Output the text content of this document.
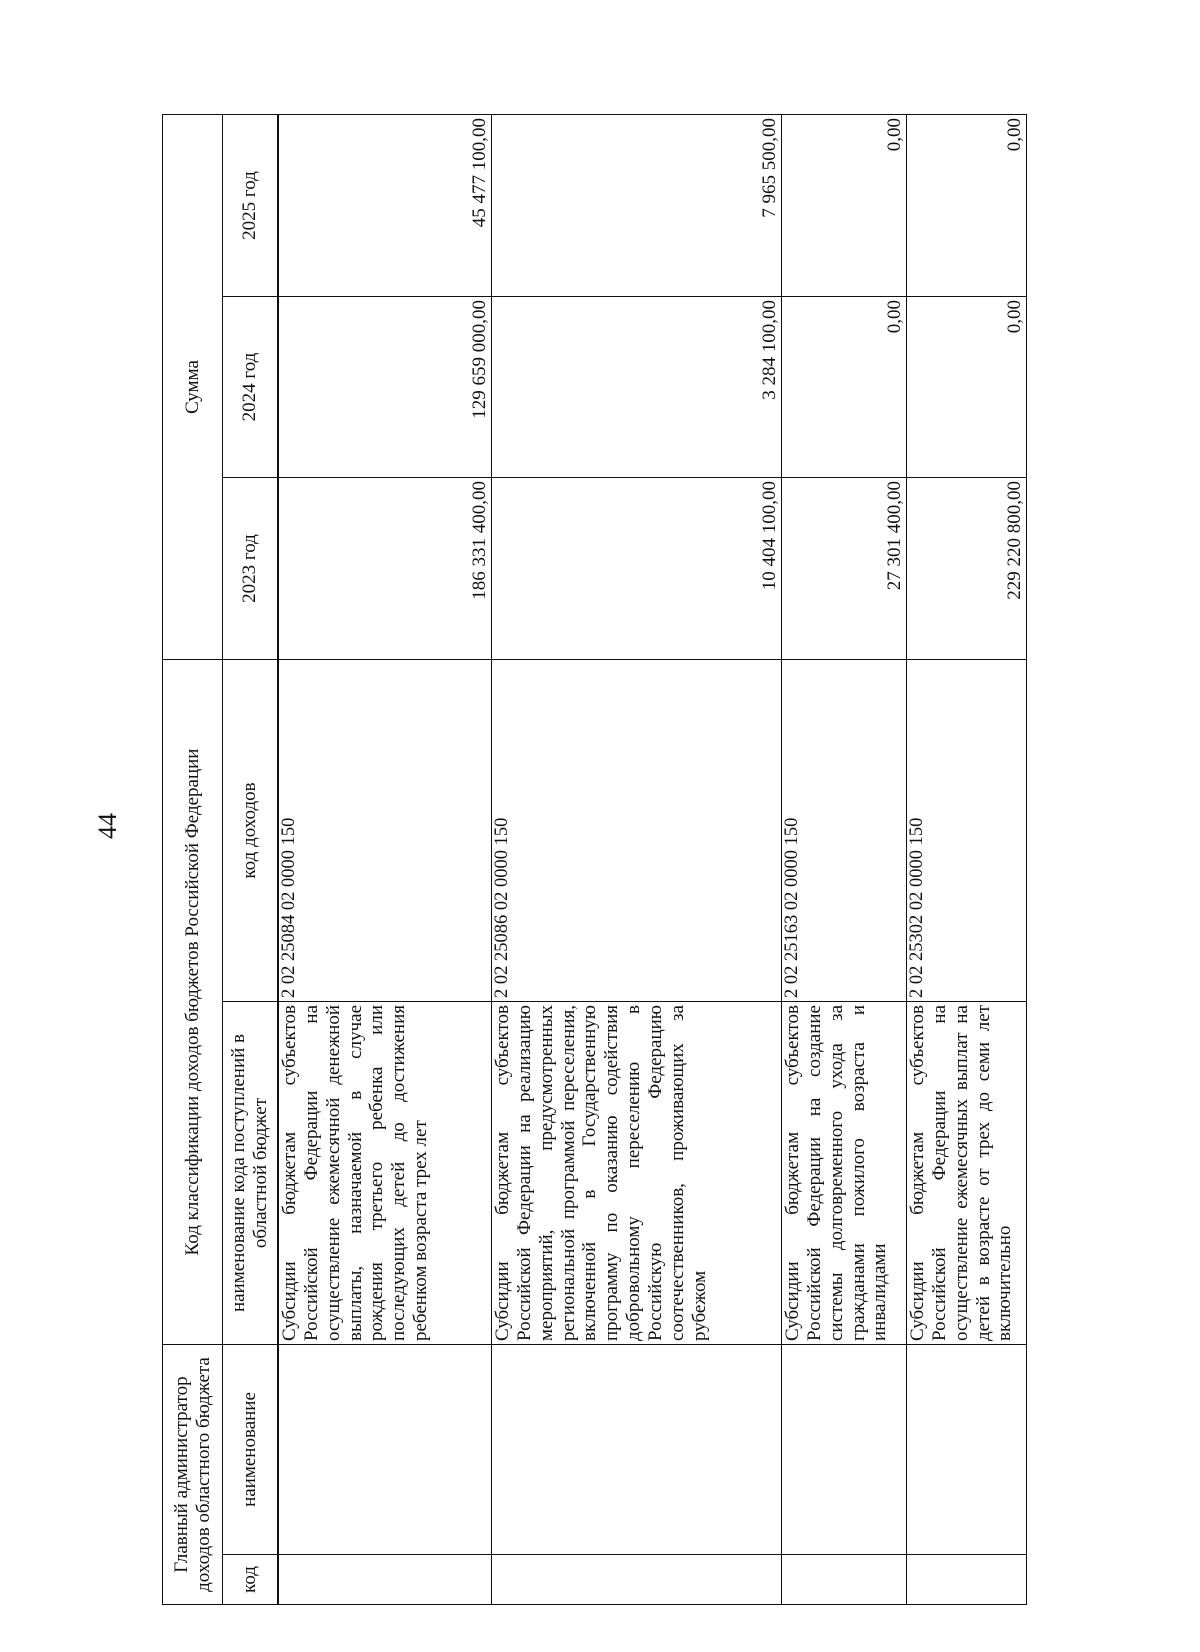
44
Главный администратор доходов областного бюджета		Код классификации доходов бюджетов Российской Федерации		Сумма		
код	наименование	наименование кода поступлений в областной бюджет	код доходов	2023 год	2024 год	2025 год

		Субсидии бюджетам субъектов Российской Федерации на осуществление ежемесячной денежной выплаты, назначаемой в случае рождения третьего ребенка или последующих детей до достижения ребенком возраста трех лет	2 02 25084 02 0000 150	186 331 400,00	129 659 000,00	45 477 100,00
		Субсидии бюджетам субъектов Российской Федерации на реализацию мероприятий, предусмотренных региональной программой переселения, включенной в Государственную программу по оказанию содействия добровольному переселению в Российскую Федерацию соотечественников, проживающих за рубежом	2 02 25086 02 0000 150	10 404 100,00	3 284 100,00	7 965 500,00
		Субсидии бюджетам субъектов Российской Федерации на создание системы долговременного ухода за гражданами пожилого возраста и инвалидами	2 02 25163 02 0000 150	27 301 400,00	0,00	0,00
		Субсидии бюджетам субъектов Российской Федерации на осуществление ежемесячных выплат на детей в возрасте от трех до семи лет включительно	2 02 25302 02 0000 150	229 220 800,00	0,00	0,00
